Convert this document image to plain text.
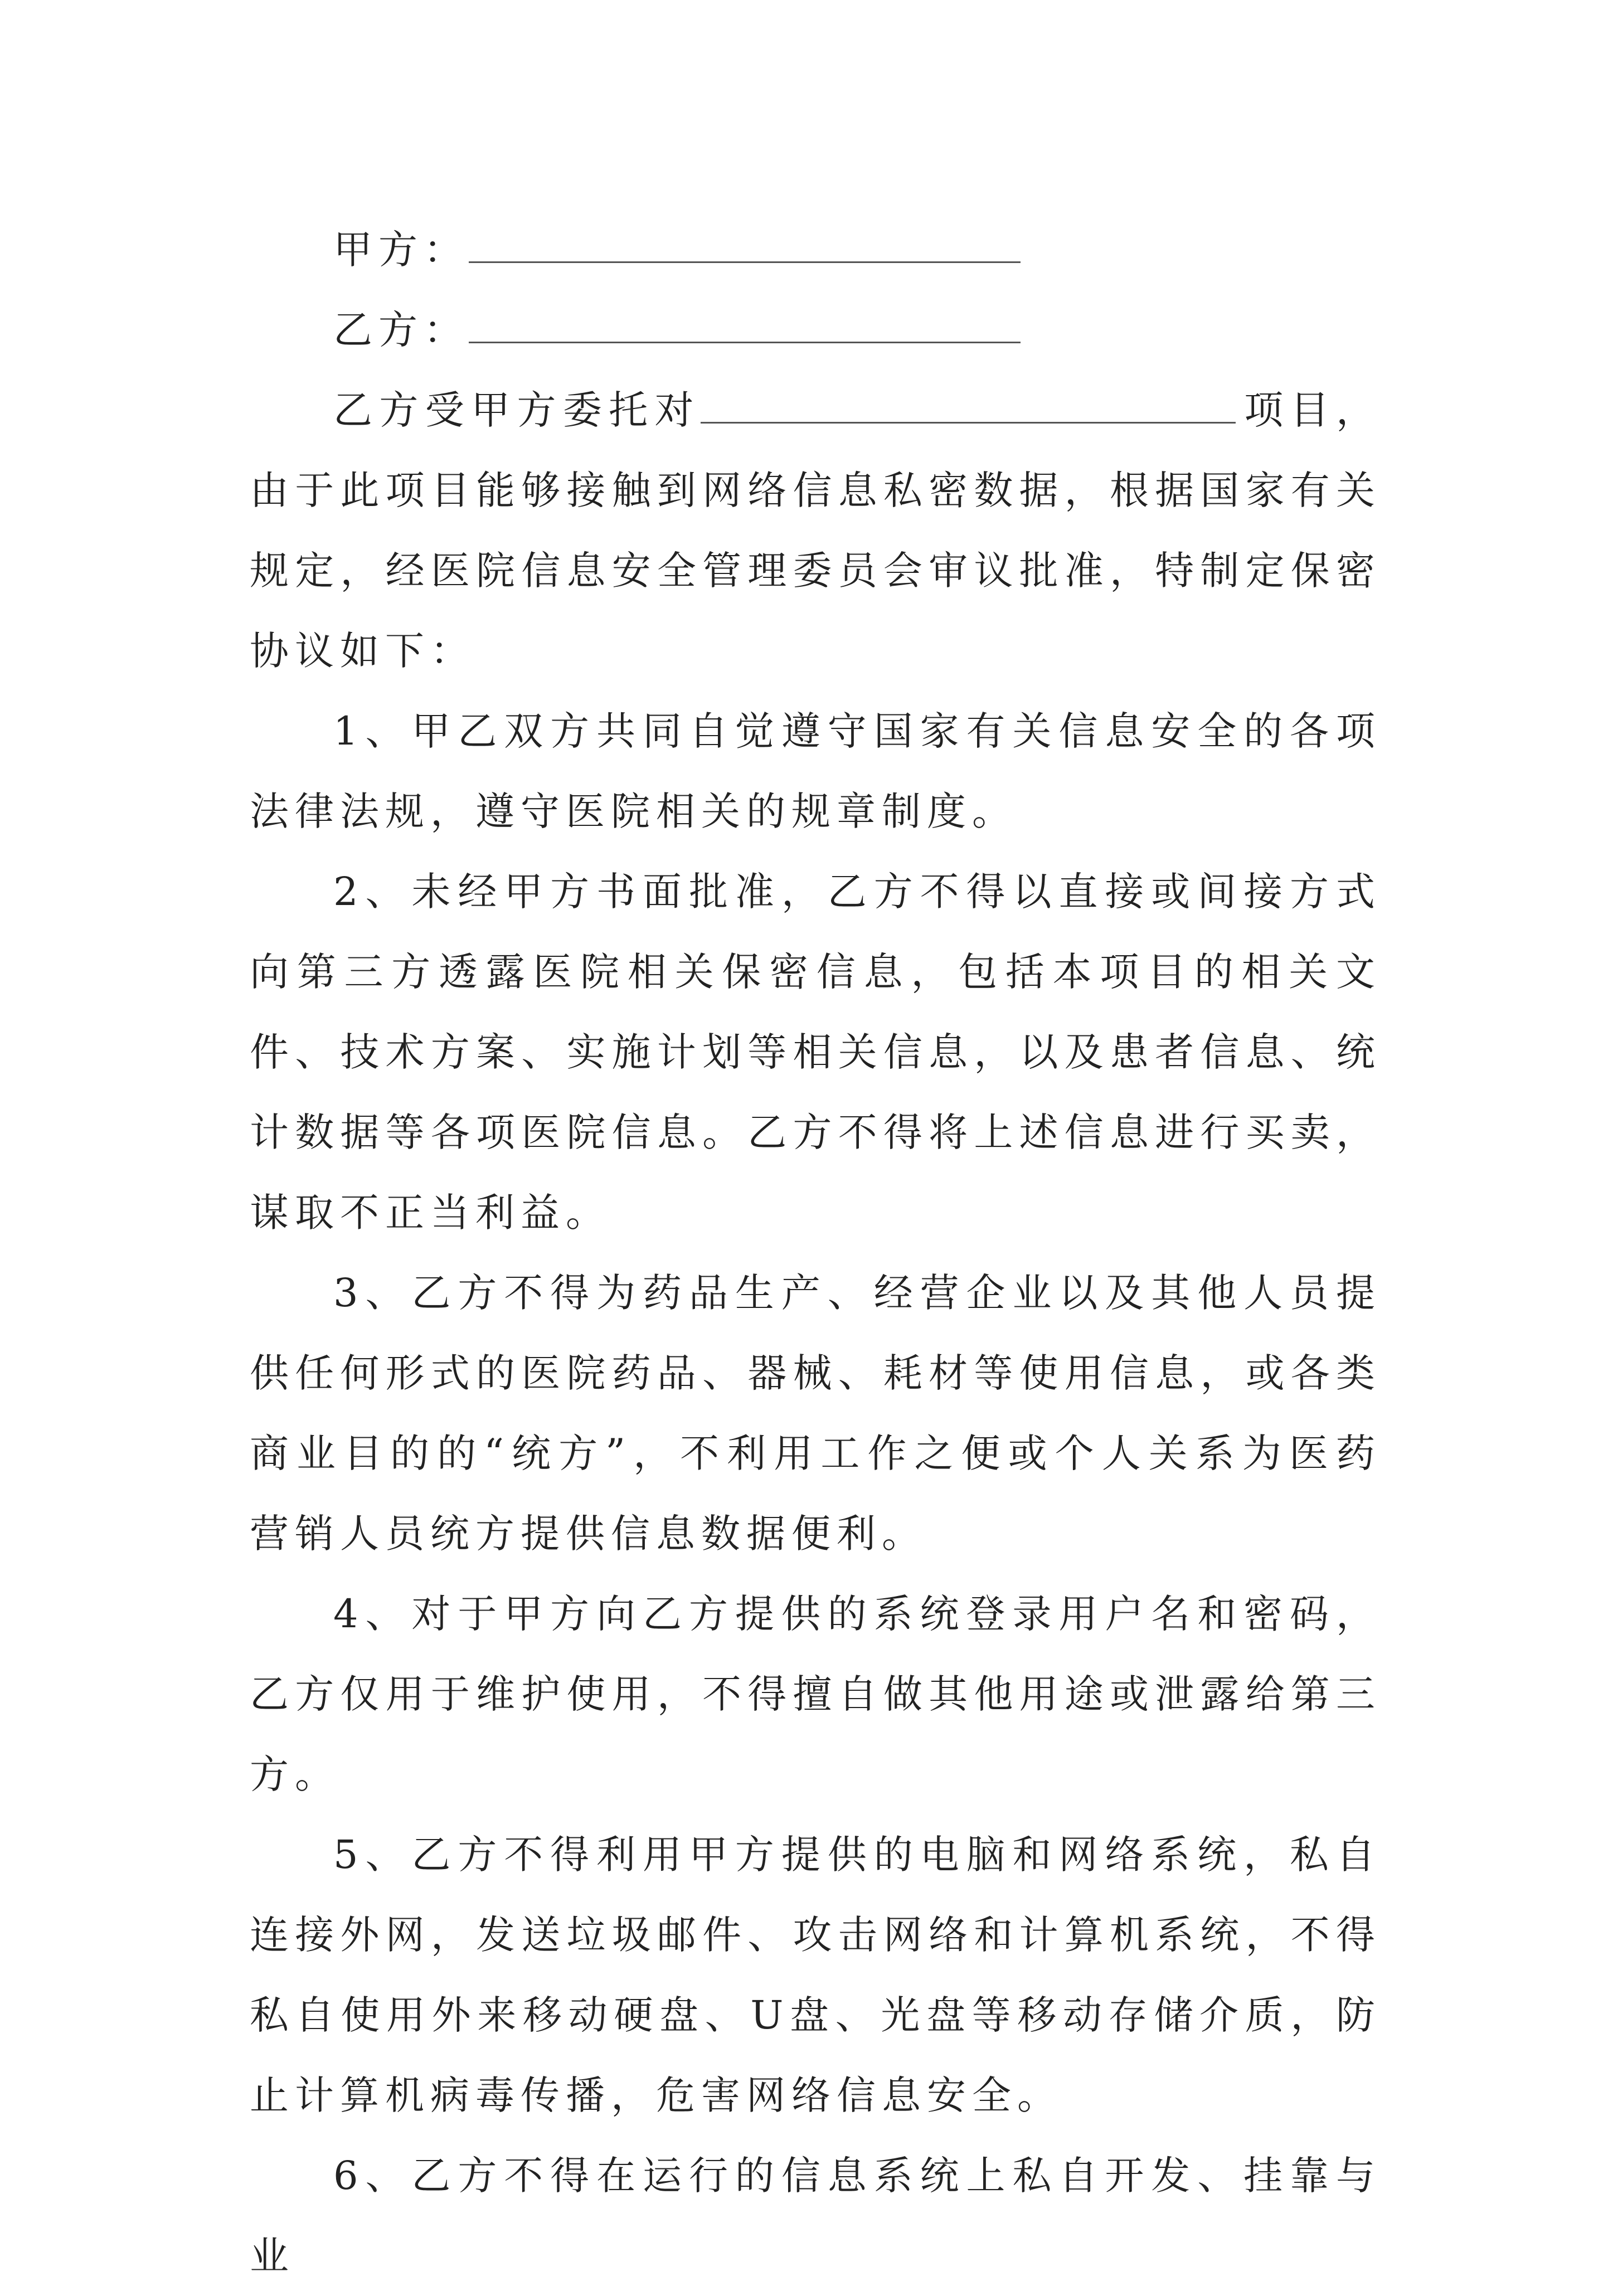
甲方：
乙方：

乙方受甲方委托对	项目，由于此项目能够接触到网络信息私密数据，根据国家有关规定，经医院信息安全管理委员会审议批准，特制定保密协议如下：

1、甲乙双方共同自觉遵守国家有关信息安全的各项法律法规，遵守医院相关的规章制度。

2、未经甲方书面批准，乙方不得以直接或间接方式向第三方透露医院相关保密信息，包括本项目的相关文件、技术方案、实施计划等相关信息，以及患者信息、统计数据等各项医院信息。乙方不得将上述信息进行买卖，谋取不正当利益。

3、乙方不得为药品生产、经营企业以及其他人员提供任何形式的医院药品、器械、耗材等使用信息，或各类商业目的的“统方”，不利用工作之便或个人关系为医药营销人员统方提供信息数据便利。

4、对于甲方向乙方提供的系统登录用户名和密码，乙方仅用于维护使用，不得擅自做其他用途或泄露给第三方。

5、乙方不得利用甲方提供的电脑和网络系统，私自连接外网，发送垃圾邮件、攻击网络和计算机系统，不得私自使用外来移动硬盘、U盘、光盘等移动存储介质，防止计算机病毒传播，危害网络信息安全。

6、乙方不得在运行的信息系统上私自开发、挂靠与业
